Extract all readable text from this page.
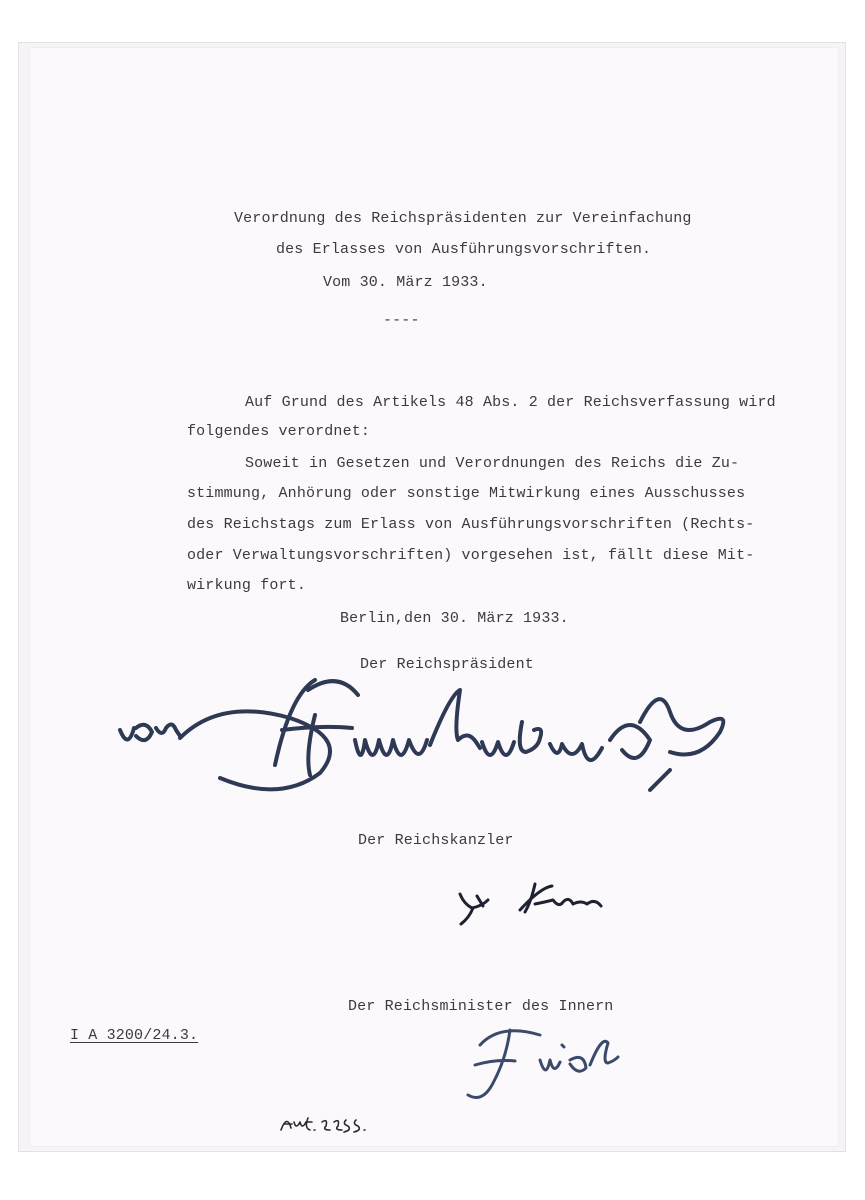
Verordnung des Reichspräsidenten zur Vereinfachung
des Erlasses von Ausführungsvorschriften.
Vom 30. März 1933.
----
Auf Grund des Artikels 48 Abs. 2 der Reichsverfassung wird
folgendes verordnet:
Soweit in Gesetzen und Verordnungen des Reichs die Zu-
stimmung, Anhörung oder sonstige Mitwirkung eines Ausschusses
des Reichstags zum Erlass von Ausführungsvorschriften (Rechts-
oder Verwaltungsvorschriften) vorgesehen ist, fällt diese Mit-
wirkung fort.
Berlin,den 30. März 1933.
Der Reichspräsident
Der Reichskanzler
Der Reichsminister des Innern
I A 3200/24.3.
